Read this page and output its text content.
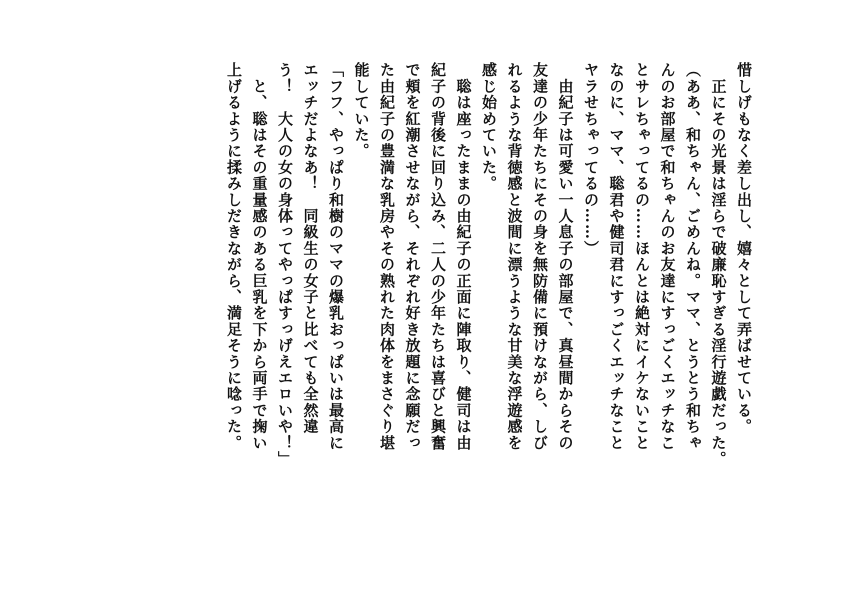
惜しげもなく差し出し、嬉々として弄ばせている。
　正にその光景は淫らで破廉恥すぎる淫行遊戯だった。
（ああ、和ちゃん、ごめんね。ママ、とうとう和ちゃ
んのお部屋で和ちゃんのお友達にすっごくエッチなこ
とサレちゃってるの……ほんとは絶対にイケないこと
なのに、ママ、聡君や健司君にすっごくエッチなこと
ヤラせちゃってるの……）
　由紀子は可愛い一人息子の部屋で、真昼間からその
友達の少年たちにその身を無防備に預けながら、しび
れるような背徳感と波間に漂うような甘美な浮遊感を
感じ始めていた。
　聡は座ったままの由紀子の正面に陣取り、健司は由
紀子の背後に回り込み、二人の少年たちは喜びと興奮
で頬を紅潮させながら、それぞれ好き放題に念願だっ
た由紀子の豊満な乳房やその熟れた肉体をまさぐり堪
能していた。
「フフ、やっぱり和樹のママの爆乳おっぱいは最高に
エッチだよなあ！　同級生の女子と比べても全然違
う！　大人の女の身体ってやっぱすっげえエロいや！」
　と、聡はその重量感のある巨乳を下から両手で掬い
上げるように揉みしだきながら、満足そうに唸った。
